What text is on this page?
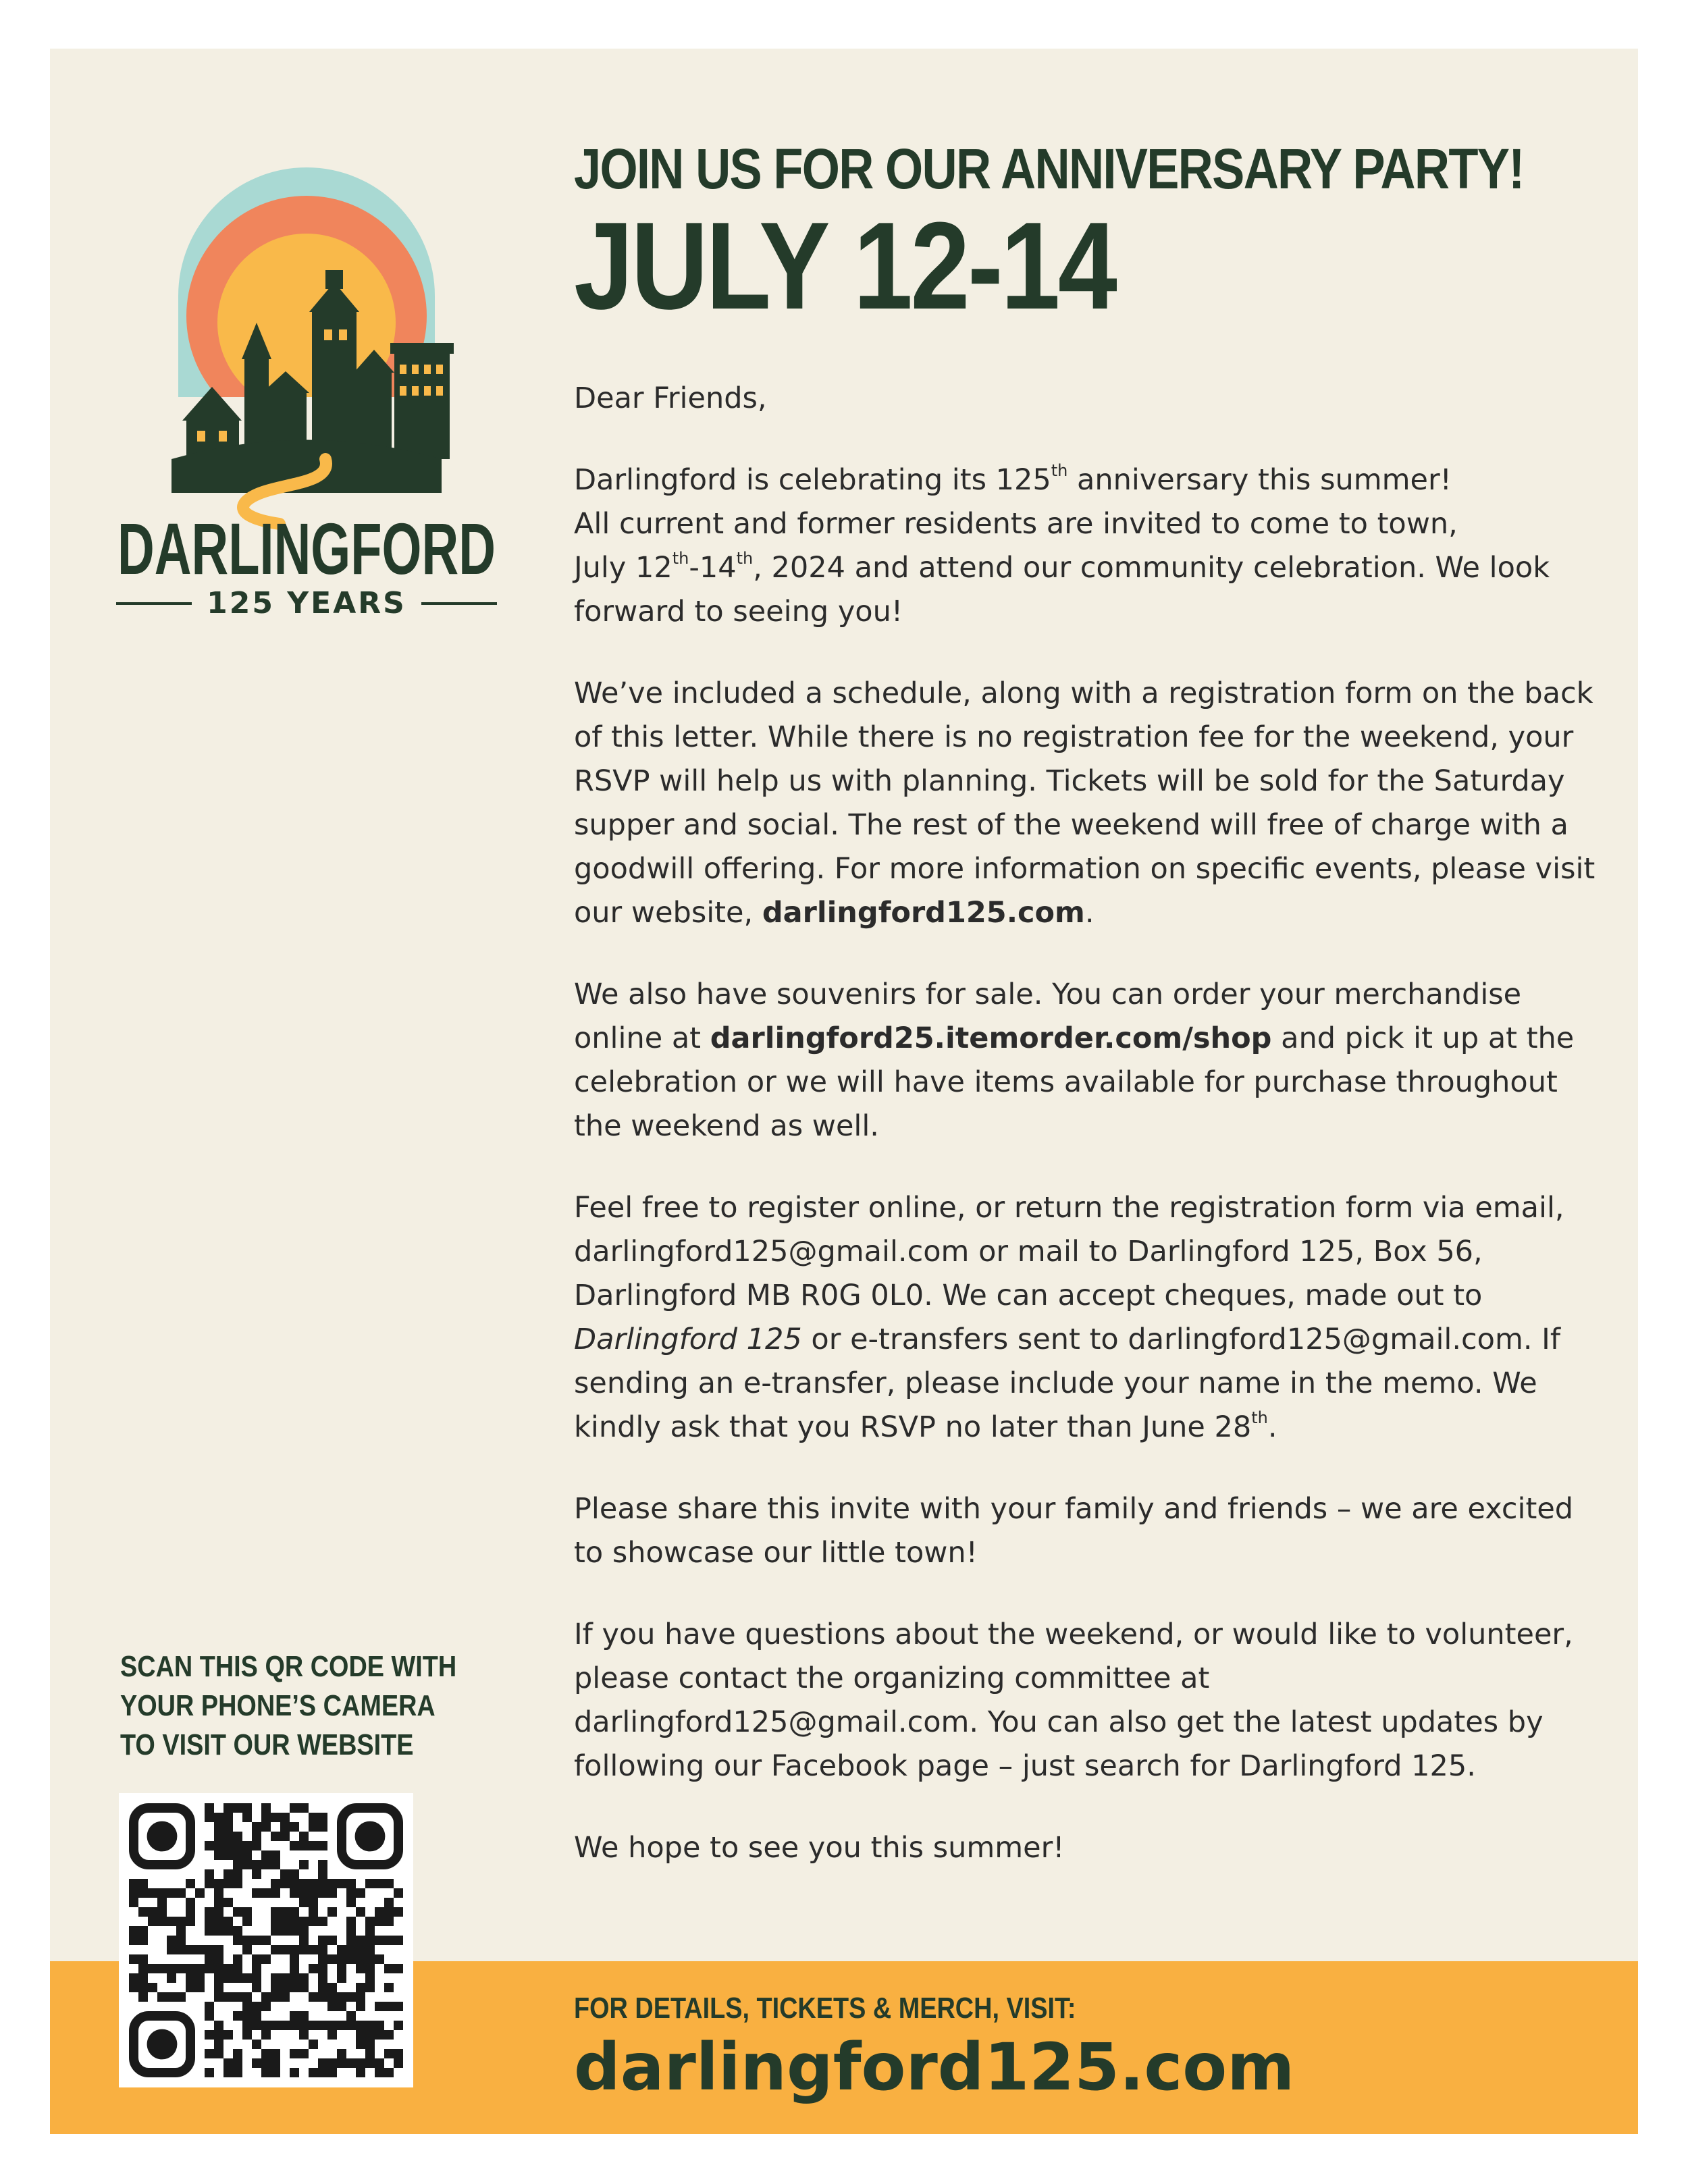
DARLINGFORD
125 YEARS
JOIN US FOR OUR ANNIVERSARY PARTY!
JULY 12-14

Dear Friends,

Darlingford is celebrating its 125th anniversary this summer!
All current and former residents are invited to come to town,
July 12th-14th, 2024 and attend our community celebration. We look forward to seeing you!

We’ve included a schedule, along with a registration form on the back of this letter. While there is no registration fee for the weekend, your RSVP will help us with planning. Tickets will be sold for the Saturday supper and social. The rest of the weekend will free of charge with a goodwill offering. For more information on specific events, please visit our website, darlingford125.com.

We also have souvenirs for sale. You can order your merchandise online at darlingford25.itemorder.com/shop and pick it up at the celebration or we will have items available for purchase throughout the weekend as well.

Feel free to register online, or return the registration form via email, darlingford125@gmail.com or mail to Darlingford 125, Box 56, Darlingford MB R0G 0L0. We can accept cheques, made out to Darlingford 125 or e-transfers sent to darlingford125@gmail.com. If sending an e-transfer, please include your name in the memo. We kindly ask that you RSVP no later than June 28th.

Please share this invite with your family and friends – we are excited to showcase our little town!

If you have questions about the weekend, or would like to volunteer, please contact the organizing committee at darlingford125@gmail.com. You can also get the latest updates by following our Facebook page – just search for Darlingford 125.

We hope to see you this summer!

SCAN THIS QR CODE WITH
YOUR PHONE’S CAMERA
TO VISIT OUR WEBSITE
FOR DETAILS, TICKETS & MERCH, VISIT:
darlingford125.com
